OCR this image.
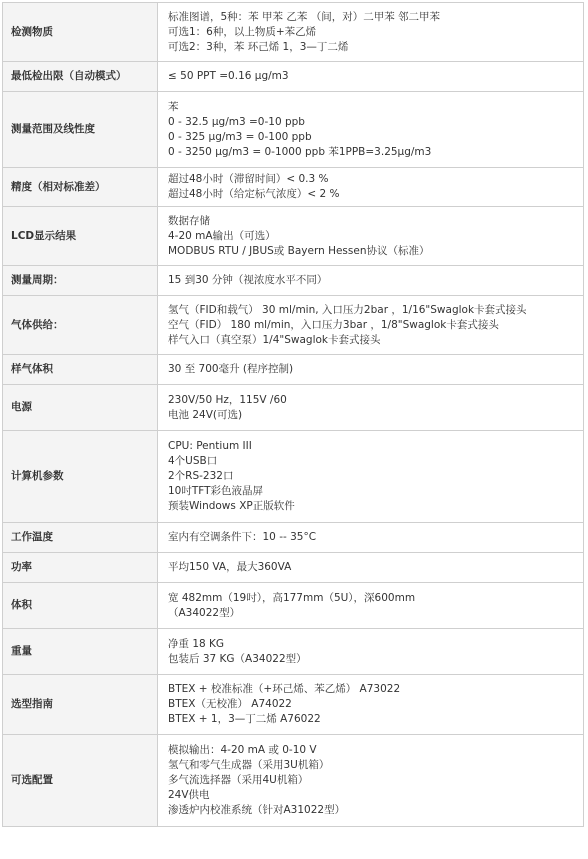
检测物质	标准图谱，5种：苯 甲苯 乙苯 （间，对）二甲苯 邻二甲苯
可选1：6种，以上物质+苯乙烯
可选2：3种，苯 环己烯 1，3—丁二烯

最低检出限（自动模式）	≤ 50 PPT =0.16 μg/m3

测量范围及线性度	苯
0 - 32.5 μg/m3 =0-10 ppb
0 - 325 μg/m3 = 0-100 ppb
0 - 3250 μg/m3 = 0-1000 ppb 苯1PPB=3.25μg/m3

精度（相对标准差）	超过48小时（滞留时间）< 0.3 %
超过48小时（给定标气浓度）< 2 %

LCD显示结果	数据存储
4-20 mA输出（可选）
MODBUS RTU / JBUS或 Bayern Hessen协议（标准）

测量周期：	15 到30 分钟（视浓度水平不同）

气体供给：	氢气（FID和载气） 30 ml/min, 入口压力2bar ，1/16"Swaglok卡套式接头
空气（FID） 180 ml/min，入口压力3bar ，1/8"Swaglok卡套式接头
样气入口（真空泵）1/4"Swaglok卡套式接头

样气体积	30 至 700毫升 (程序控制)

电源	230V/50 Hz，115V /60
电池 24V(可选)

计算机参数	CPU: Pentium III
4个USB口
2个RS-232口
10吋TFT彩色液晶屏
预装Windows XP正版软件

工作温度	室内有空调条件下：10 -- 35°C

功率	平均150 VA，最大360VA

体积	宽 482mm（19吋），高177mm（5U），深600mm
（A34022型）

重量	净重 18 KG
包装后 37 KG（A34022型）

选型指南	BTEX + 校准标准（+环己烯、苯乙烯） A73022
BTEX（无校准） A74022
BTEX + 1，3—丁二烯 A76022

可选配置	模拟输出：4-20 mA 或 0-10 V
氢气和零气生成器（采用3U机箱）
多气流选择器（采用4U机箱）
24V供电
渗透炉内校准系统（针对A31022型）
